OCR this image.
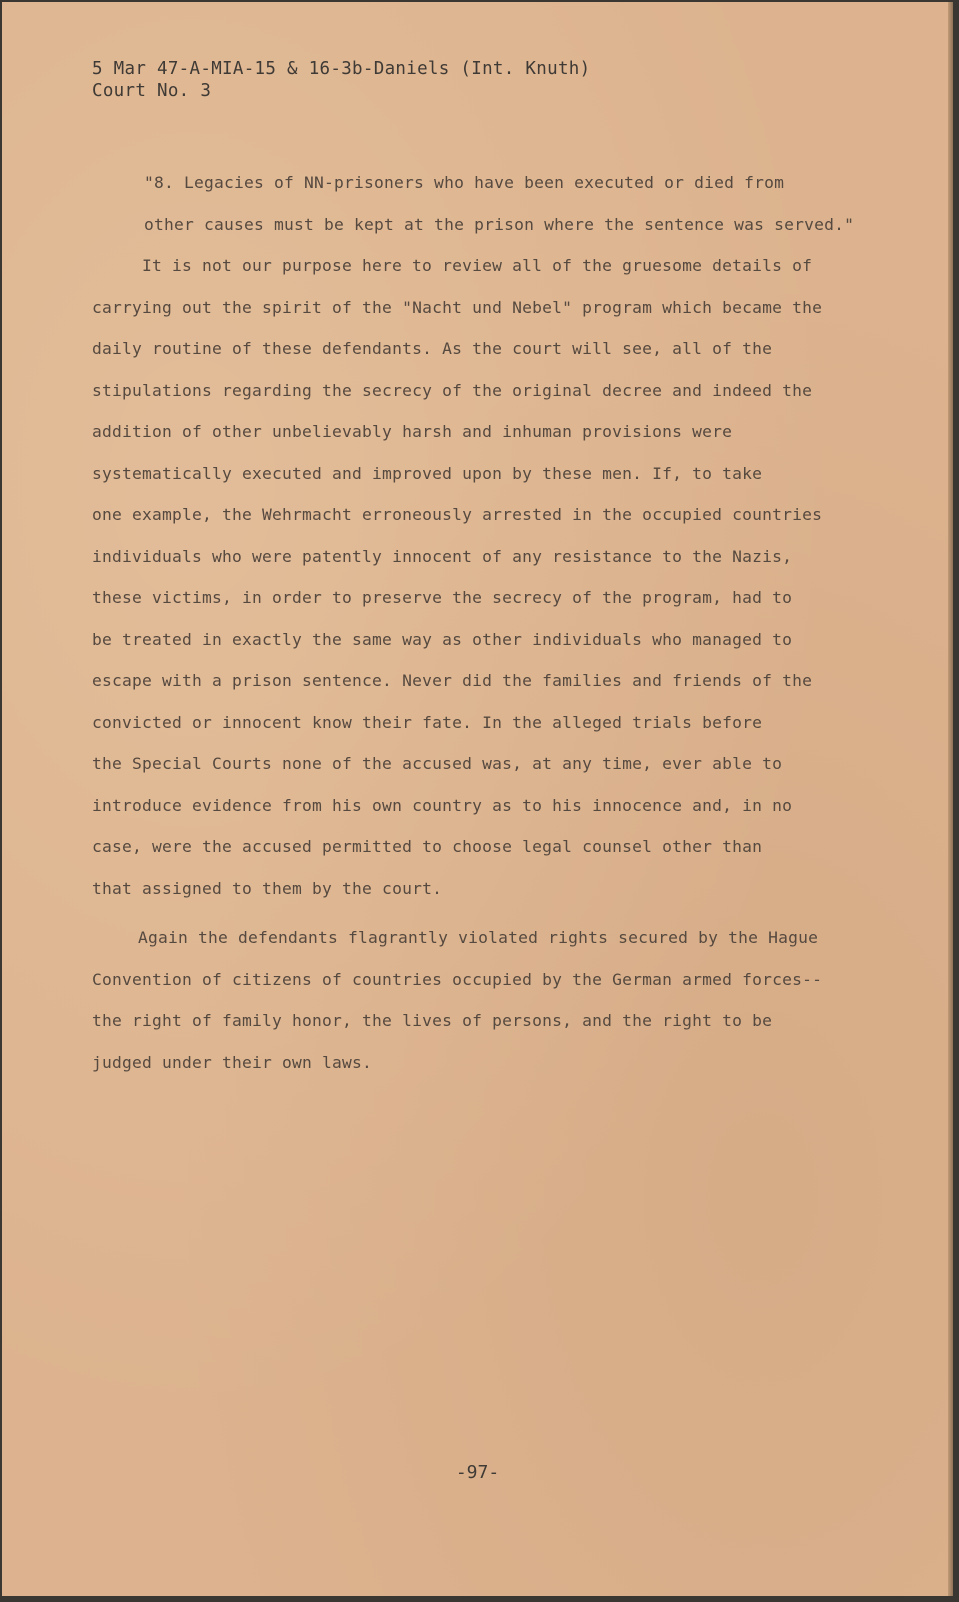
5 Mar 47-A-MIA-15 & 16-3b-Daniels (Int. Knuth)
Court No. 3
"8. Legacies of NN-prisoners who have been executed or died from
other causes must be kept at the prison where the sentence was served."
It is not our purpose here to review all of the gruesome details of
carrying out the spirit of the "Nacht und Nebel" program which became the
daily routine of these defendants. As the court will see, all of the
stipulations regarding the secrecy of the original decree and indeed the
addition of other unbelievably harsh and inhuman provisions were
systematically executed and improved upon by these men. If, to take
one example, the Wehrmacht erroneously arrested in the occupied countries
individuals who were patently innocent of any resistance to the Nazis,
these victims, in order to preserve the secrecy of the program, had to
be treated in exactly the same way as other individuals who managed to
escape with a prison sentence. Never did the families and friends of the
convicted or innocent know their fate. In the alleged trials before
the Special Courts none of the accused was, at any time, ever able to
introduce evidence from his own country as to his innocence and, in no
case, were the accused permitted to choose legal counsel other than
that assigned to them by the court.
Again the defendants flagrantly violated rights secured by the Hague
Convention of citizens of countries occupied by the German armed forces--
the right of family honor, the lives of persons, and the right to be
judged under their own laws.
-97-
